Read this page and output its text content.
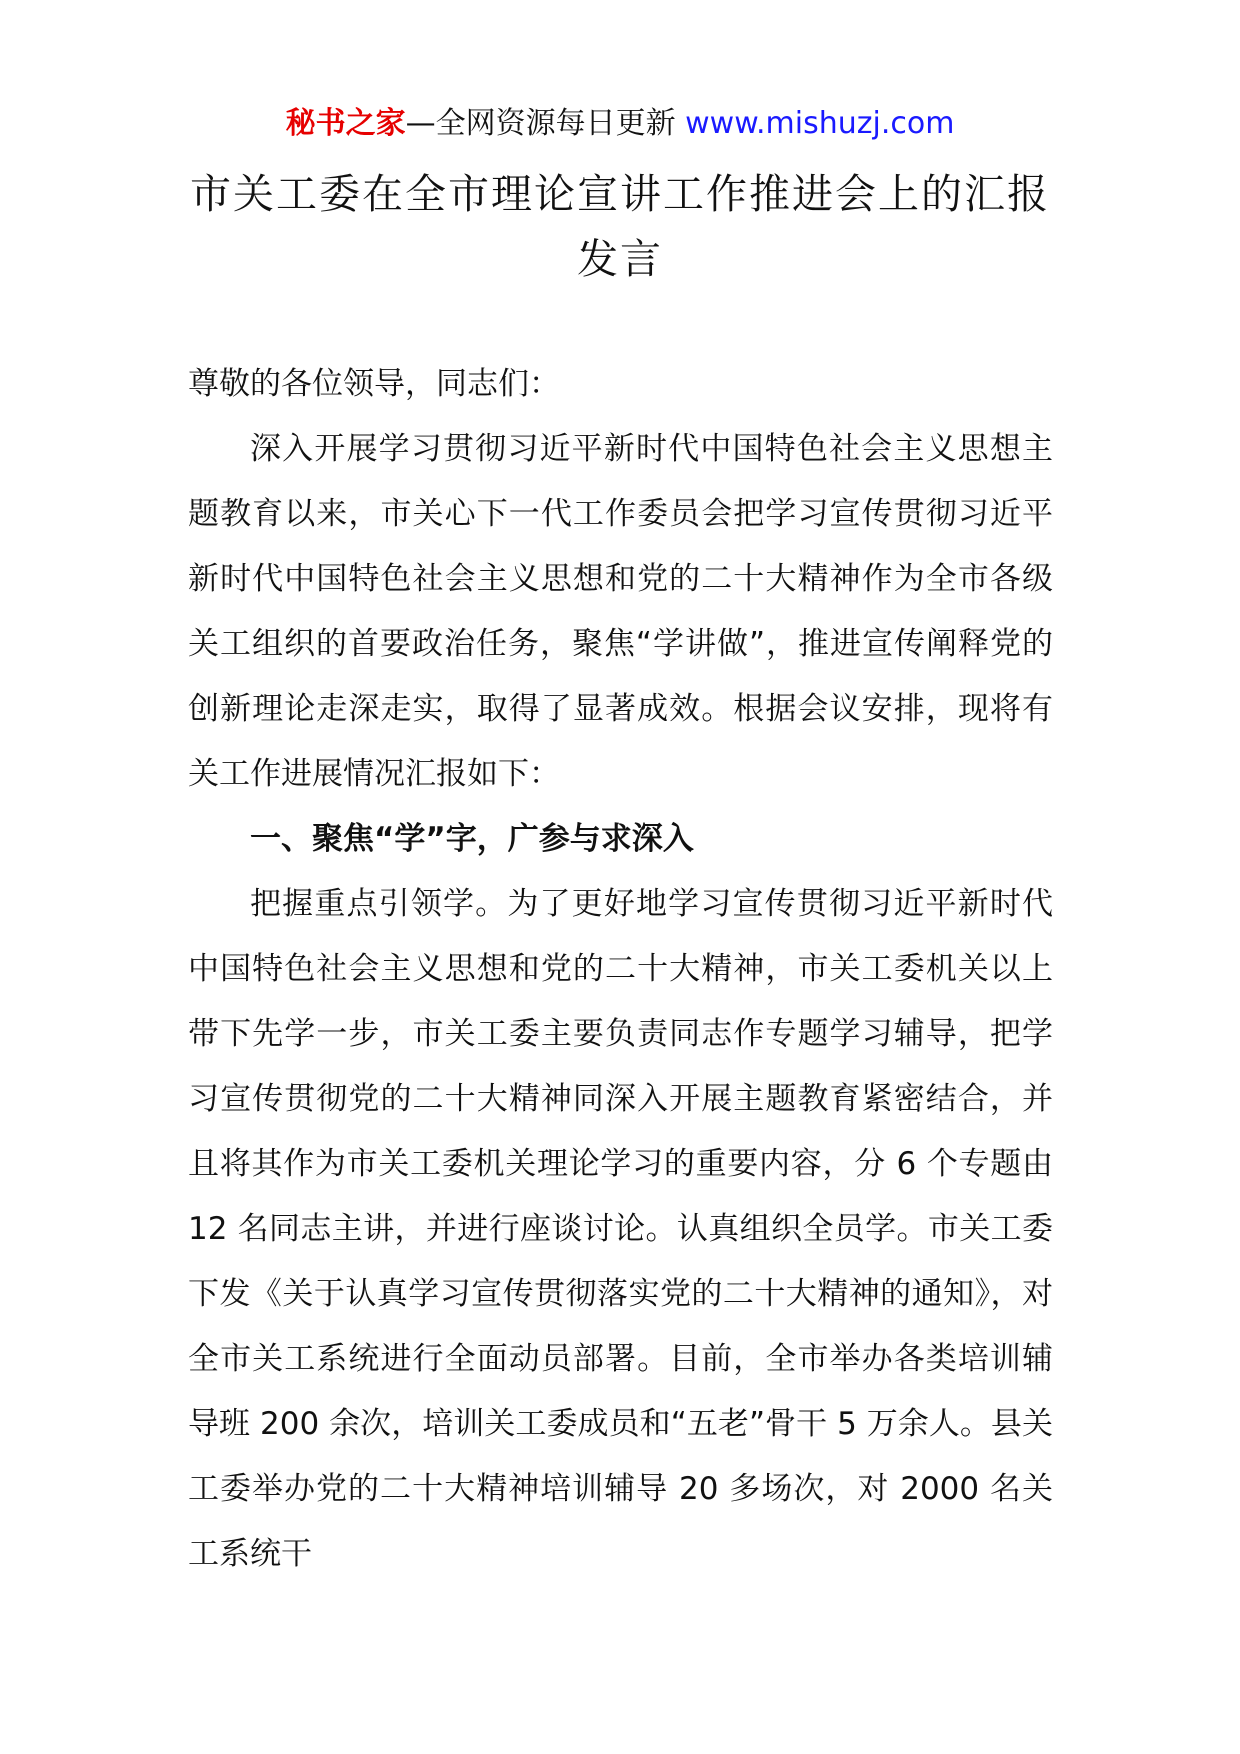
秘书之家—全网资源每日更新 www.mishuzj.com
市关工委在全市理论宣讲工作推进会上的汇报发言

尊敬的各位领导，同志们：

深入开展学习贯彻习近平新时代中国特色社会主义思想主题教育以来，市关心下一代工作委员会把学习宣传贯彻习近平新时代中国特色社会主义思想和党的二十大精神作为全市各级关工组织的首要政治任务，聚焦“学讲做”，推进宣传阐释党的创新理论走深走实，取得了显著成效。根据会议安排，现将有关工作进展情况汇报如下：

一、聚焦“学”字，广参与求深入

把握重点引领学。为了更好地学习宣传贯彻习近平新时代中国特色社会主义思想和党的二十大精神，市关工委机关以上带下先学一步，市关工委主要负责同志作专题学习辅导，把学习宣传贯彻党的二十大精神同深入开展主题教育紧密结合，并且将其作为市关工委机关理论学习的重要内容，分 6 个专题由 12 名同志主讲，并进行座谈讨论。认真组织全员学。市关工委下发《关于认真学习宣传贯彻落实党的二十大精神的通知》，对全市关工系统进行全面动员部署。目前，全市举办各类培训辅导班 200 余次，培训关工委成员和“五老”骨干 5 万余人。县关工委举办党的二十大精神培训辅导 20 多场次，对 2000 名关工系统干
